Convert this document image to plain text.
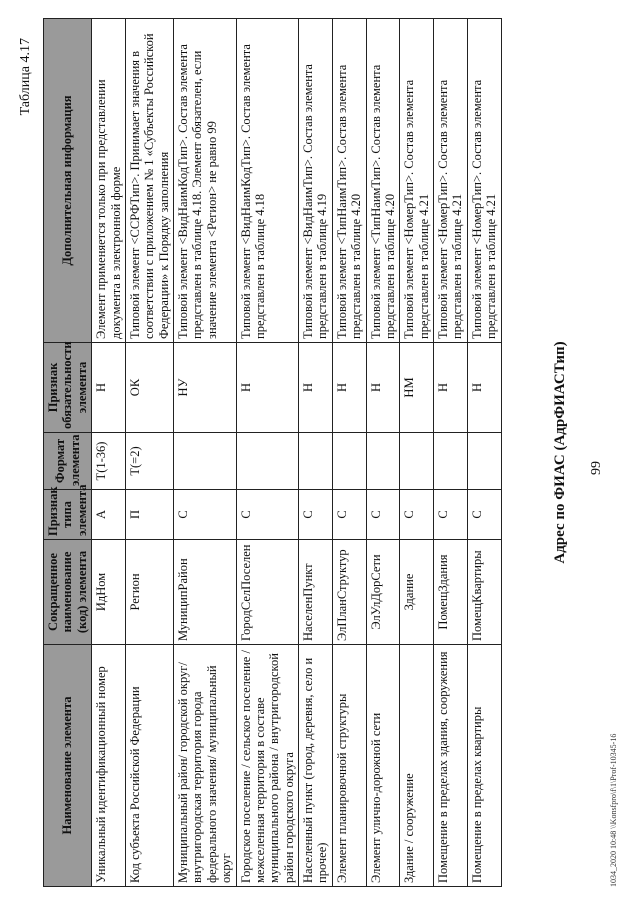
Таблица 4.17
99
Адрес по ФИАС (АдрФИАСТип)
Наименование элемента	Сокращенное наименование (код) элемента	Признак типа элемента	Формат элемента	Признак обязательности элемента	Дополнительная информация
Уникальный идентификационный номер	ИдНом	А	T(1-36)	Н	Элемент применяется только при представлении документа в электронной форме
Код субъекта Российской Федерации	Регион	П	T(=2)	ОК	Типовой элемент <ССРФТип>. Принимает значения в соответствии с приложением № 1 «Субъекты Российской Федерации» к Порядку заполнения
Муниципальный район/ городской округ/ внутригородская территория города федерального значения/ муниципальный округ	МуниципРайон	С		НУ	Типовой элемент <ВидНаимКодТип>. Состав элемента представлен в таблице 4.18. Элемент обязателен, если значение элемента <Регион> не равно 99
Городское поселение / сельское поселение / межселенная территория в составе муниципального района / внутригородской район городского округа	ГородСелПоселен	С		Н	Типовой элемент <ВидНаимКодТип>. Состав элемента представлен в таблице 4.18
Населенный пункт (город, деревня, село и прочее)	НаселенПункт	С		Н	Типовой элемент <ВидНаимТип>. Состав элемента представлен в таблице 4.19
Элемент планировочной структуры	ЭлПланСтруктур	С		Н	Типовой элемент <ТипНаимТип>. Состав элемента представлен в таблице 4.20
Элемент улично-дорожной сети	ЭлУлДорСети	С		Н	Типовой элемент <ТипНаимТип>. Состав элемента представлен в таблице 4.20
Здание / сооружение	Здание	С		НМ	Типовой элемент <НомерТип>. Состав элемента представлен в таблице 4.21
Помещение в пределах здания, сооружения	ПомещЗдания	С		Н	Типовой элемент <НомерТип>. Состав элемента представлен в таблице 4.21
Помещение в пределах квартиры	ПомещКвартиры	С		Н	Типовой элемент <НомерТип>. Состав элемента представлен в таблице 4.21
1034_2020 10:48 \\Konsfpro\f\1\Prof-10345-16
